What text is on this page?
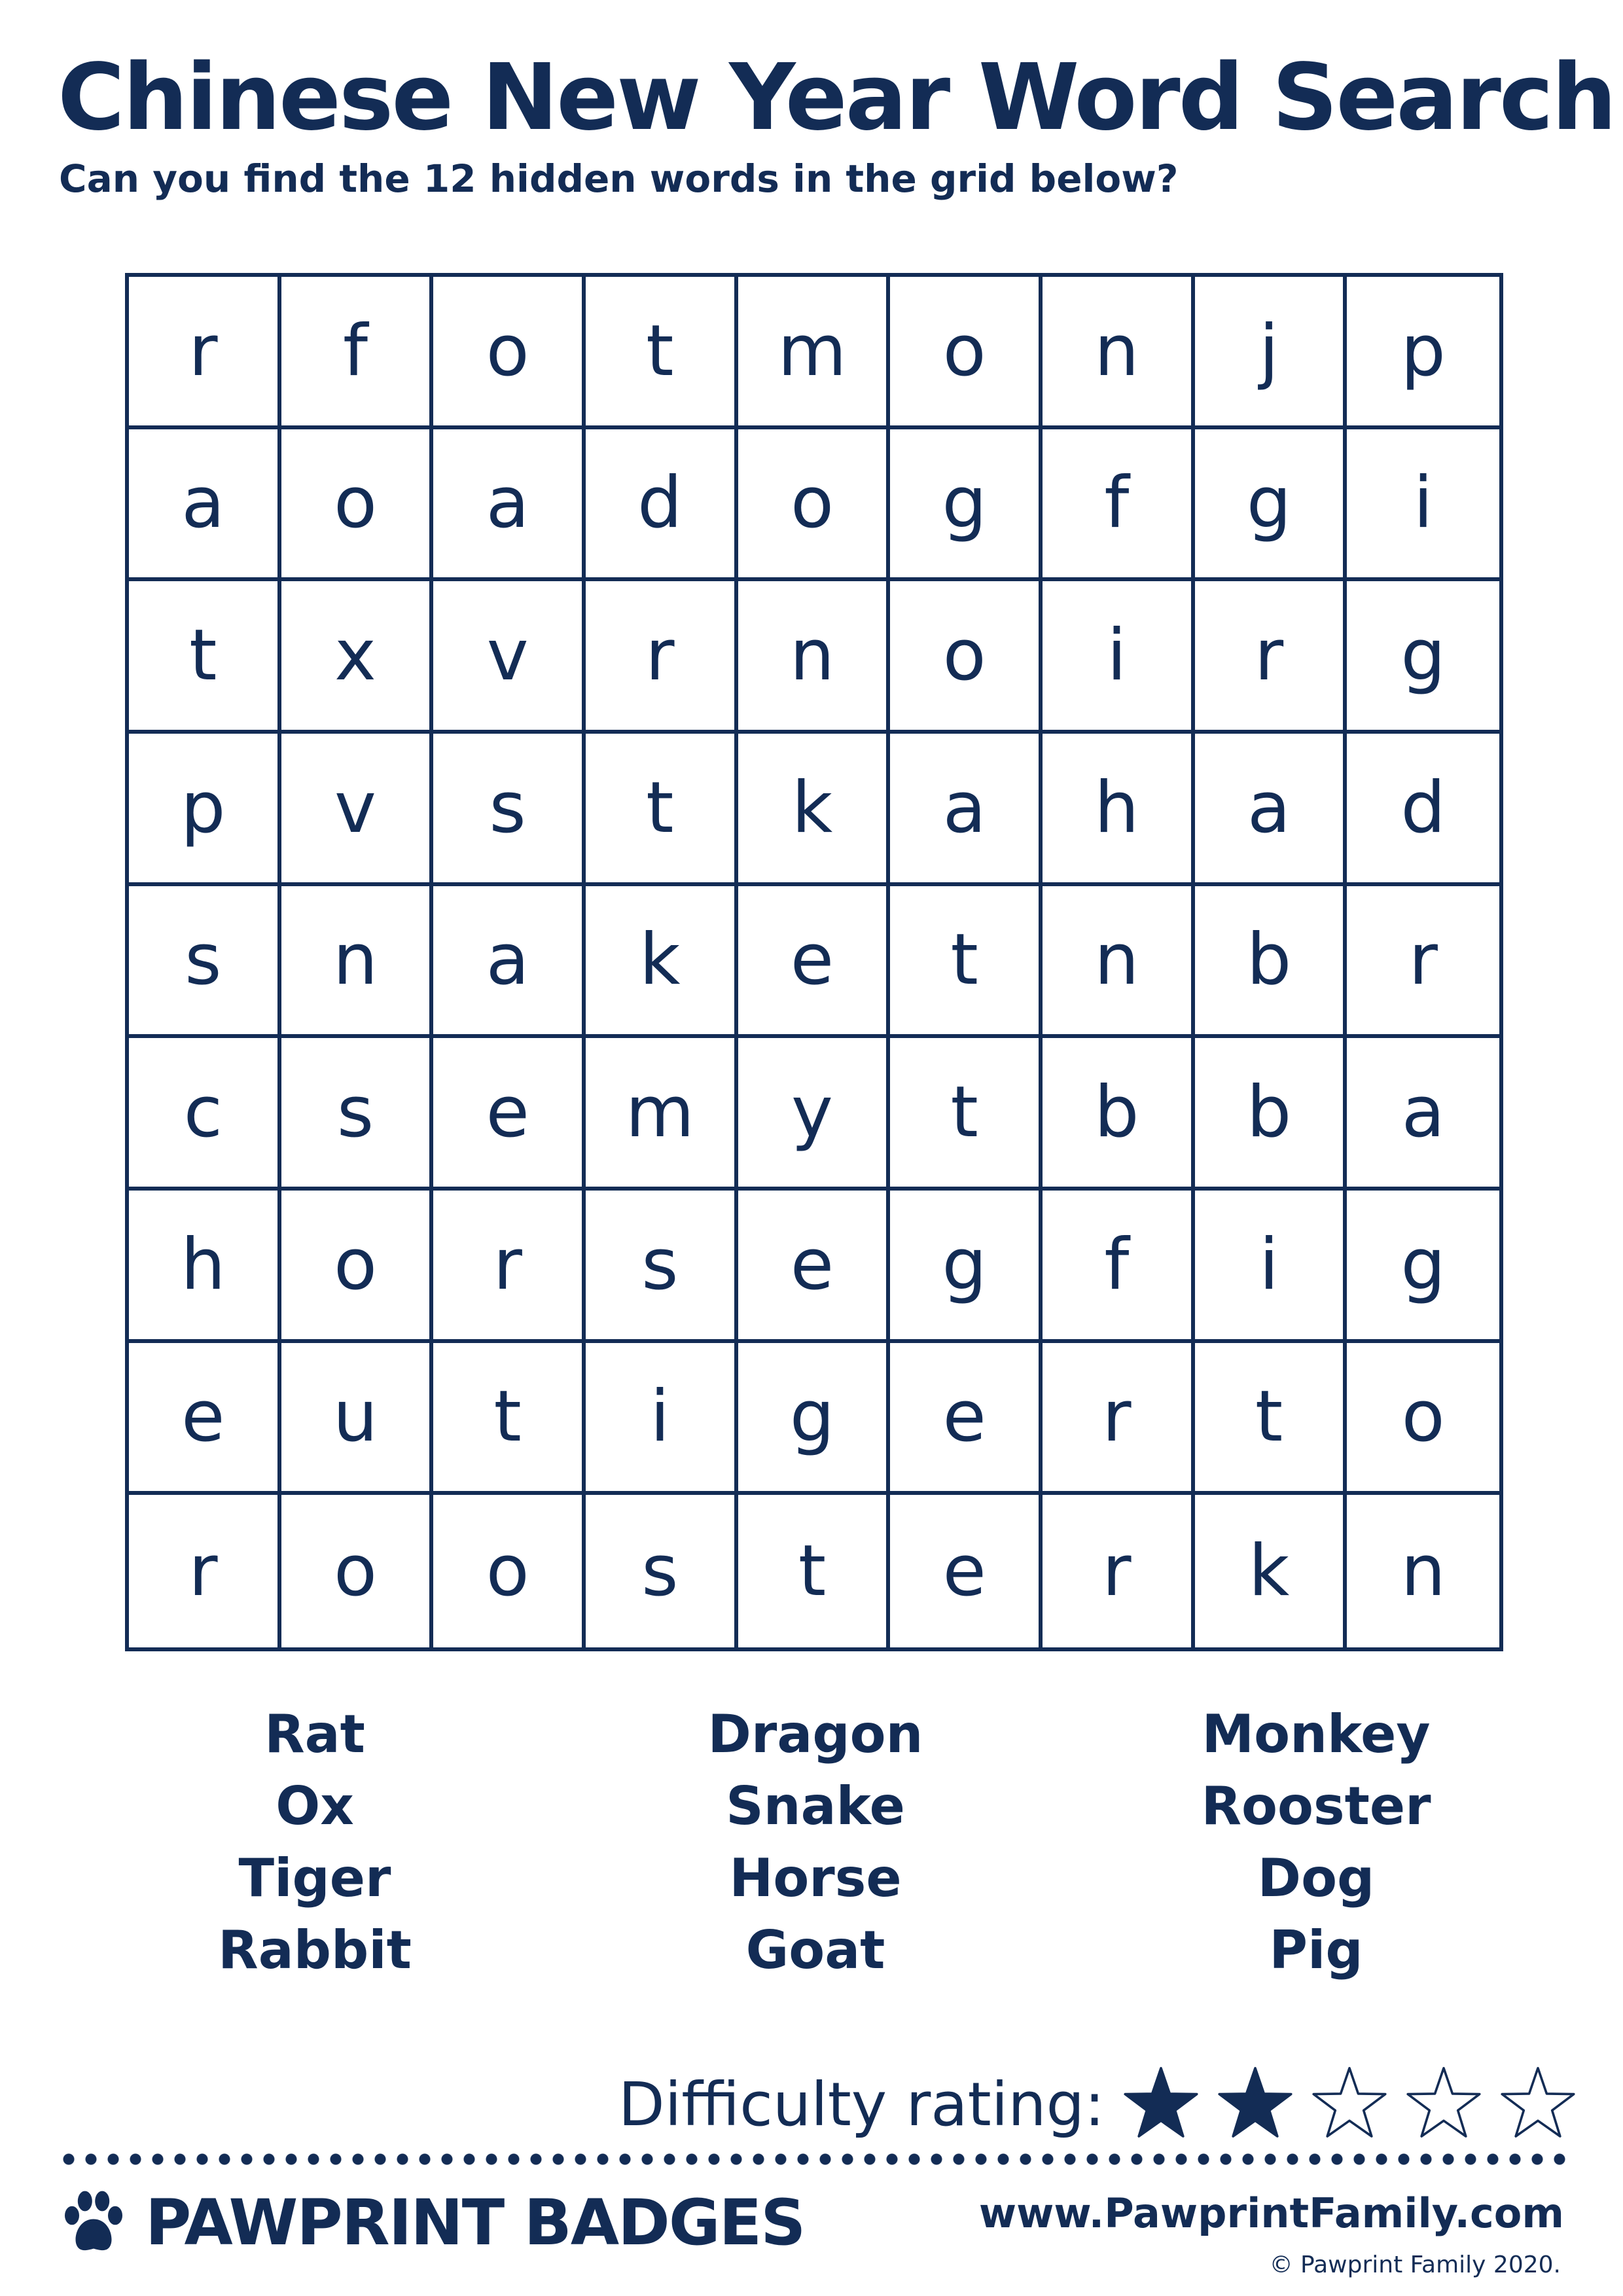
Chinese New Year Word Search

Can you find the 12 hidden words in the grid below?

r	f	o	t	m	o	n	j	p
a	o	a	d	o	g	f	g	i
t	x	v	r	n	o	i	r	g
p	v	s	t	k	a	h	a	d
s	n	a	k	e	t	n	b	r
c	s	e	m	y	t	b	b	a
h	o	r	s	e	g	f	i	g
e	u	t	i	g	e	r	t	o
r	o	o	s	t	e	r	k	n
Rat
Ox
Tiger
Rabbit
Dragon
Snake
Horse
Goat
Monkey
Rooster
Dog
Pig
Difficulty rating:
PAWPRINT BADGES	www.PawprintFamily.com
© Pawprint Family 2020.
